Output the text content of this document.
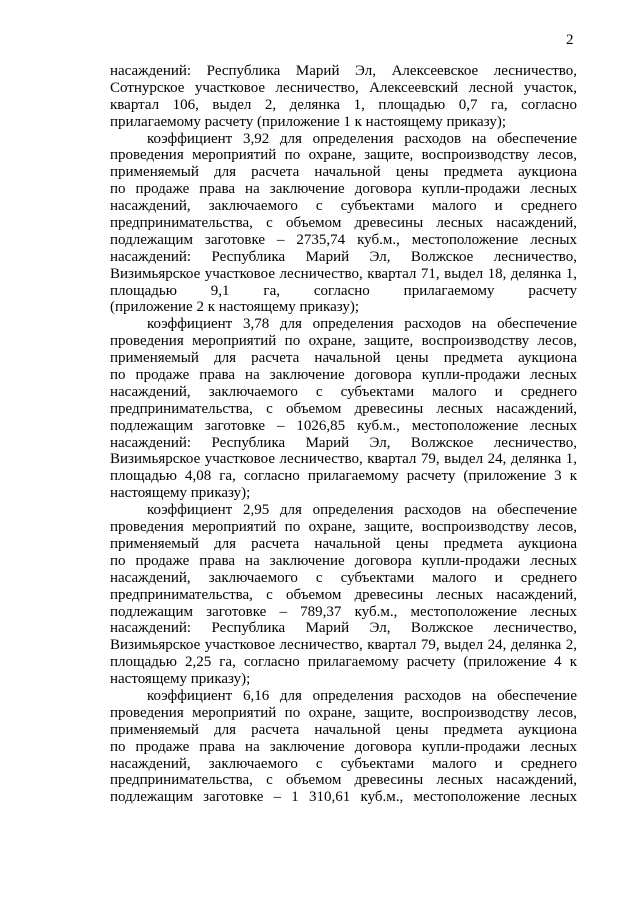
2
насаждений: Республика Марий Эл, Алексеевское лесничество,
Сотнурское участковое лесничество, Алексеевский лесной участок,
квартал 106, выдел 2, делянка 1, площадью 0,7 га, согласно
прилагаемому расчету (приложение 1 к настоящему приказу);
коэффициент 3,92 для определения расходов на обеспечение
проведения мероприятий по охране, защите, воспроизводству лесов,
применяемый для расчета начальной цены предмета аукциона
по продаже права на заключение договора купли-продажи лесных
насаждений, заключаемого с субъектами малого и среднего
предпринимательства, с объемом древесины лесных насаждений,
подлежащим заготовке – 2735,74 куб.м., местоположение лесных
насаждений: Республика Марий Эл, Волжское лесничество,
Визимьярское участковое лесничество, квартал 71, выдел 18, делянка 1,
площадью 9,1 га, согласно прилагаемому расчету
(приложение 2 к настоящему приказу);
коэффициент 3,78 для определения расходов на обеспечение
проведения мероприятий по охране, защите, воспроизводству лесов,
применяемый для расчета начальной цены предмета аукциона
по продаже права на заключение договора купли-продажи лесных
насаждений, заключаемого с субъектами малого и среднего
предпринимательства, с объемом древесины лесных насаждений,
подлежащим заготовке – 1026,85 куб.м., местоположение лесных
насаждений: Республика Марий Эл, Волжское лесничество,
Визимьярское участковое лесничество, квартал 79, выдел 24, делянка 1,
площадью 4,08 га, согласно прилагаемому расчету (приложение 3 к
настоящему приказу);
коэффициент 2,95 для определения расходов на обеспечение
проведения мероприятий по охране, защите, воспроизводству лесов,
применяемый для расчета начальной цены предмета аукциона
по продаже права на заключение договора купли-продажи лесных
насаждений, заключаемого с субъектами малого и среднего
предпринимательства, с объемом древесины лесных насаждений,
подлежащим заготовке – 789,37 куб.м., местоположение лесных
насаждений: Республика Марий Эл, Волжское лесничество,
Визимьярское участковое лесничество, квартал 79, выдел 24, делянка 2,
площадью 2,25 га, согласно прилагаемому расчету (приложение 4 к
настоящему приказу);
коэффициент 6,16 для определения расходов на обеспечение
проведения мероприятий по охране, защите, воспроизводству лесов,
применяемый для расчета начальной цены предмета аукциона
по продаже права на заключение договора купли-продажи лесных
насаждений, заключаемого с субъектами малого и среднего
предпринимательства, с объемом древесины лесных насаждений,
подлежащим заготовке – 1 310,61 куб.м., местоположение лесных
